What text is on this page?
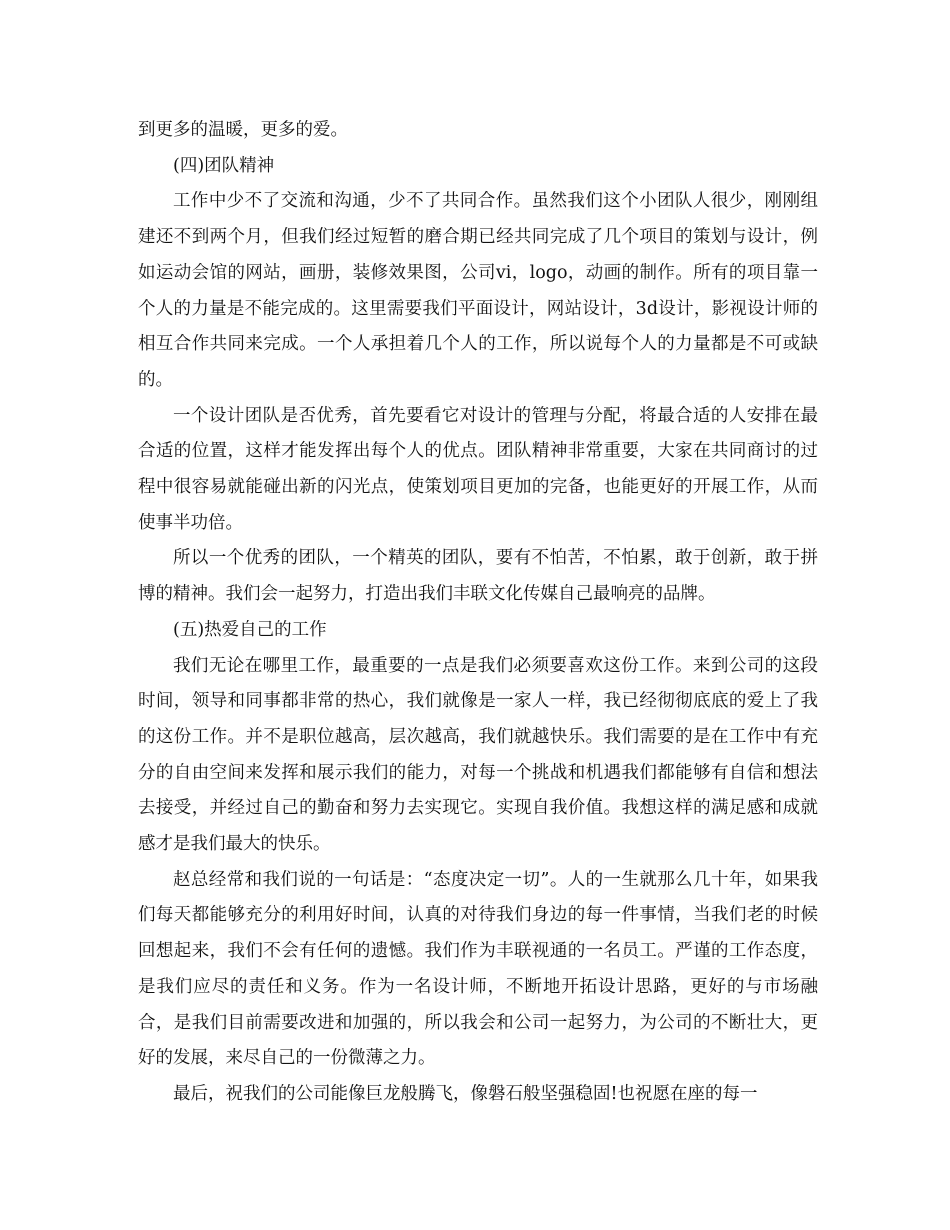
到更多的温暖，更多的爱。

(四)团队精神

工作中少不了交流和沟通，少不了共同合作。虽然我们这个小团队人很少，刚刚组建还不到两个月，但我们经过短暂的磨合期已经共同完成了几个项目的策划与设计，例如运动会馆的网站，画册，装修效果图，公司vi，logo，动画的制作。所有的项目靠一个人的力量是不能完成的。这里需要我们平面设计，网站设计，3d设计，影视设计师的相互合作共同来完成。一个人承担着几个人的工作，所以说每个人的力量都是不可或缺的。

一个设计团队是否优秀，首先要看它对设计的管理与分配，将最合适的人安排在最合适的位置，这样才能发挥出每个人的优点。团队精神非常重要，大家在共同商讨的过程中很容易就能碰出新的闪光点，使策划项目更加的完备，也能更好的开展工作，从而使事半功倍。

所以一个优秀的团队，一个精英的团队，要有不怕苦，不怕累，敢于创新，敢于拼博的精神。我们会一起努力，打造出我们丰联文化传媒自己最响亮的品牌。

(五)热爱自己的工作

我们无论在哪里工作，最重要的一点是我们必须要喜欢这份工作。来到公司的这段时间，领导和同事都非常的热心，我们就像是一家人一样，我已经彻彻底底的爱上了我的这份工作。并不是职位越高，层次越高，我们就越快乐。我们需要的是在工作中有充分的自由空间来发挥和展示我们的能力，对每一个挑战和机遇我们都能够有自信和想法去接受，并经过自己的勤奋和努力去实现它。实现自我价值。我想这样的满足感和成就感才是我们最大的快乐。

赵总经常和我们说的一句话是：“态度决定一切”。人的一生就那么几十年，如果我们每天都能够充分的利用好时间，认真的对待我们身边的每一件事情，当我们老的时候回想起来，我们不会有任何的遗憾。我们作为丰联视通的一名员工。严谨的工作态度，是我们应尽的责任和义务。作为一名设计师，不断地开拓设计思路，更好的与市场融合，是我们目前需要改进和加强的，所以我会和公司一起努力，为公司的不断壮大，更好的发展，来尽自己的一份微薄之力。

最后，祝我们的公司能像巨龙般腾飞，像磐石般坚强稳固!也祝愿在座的每一
